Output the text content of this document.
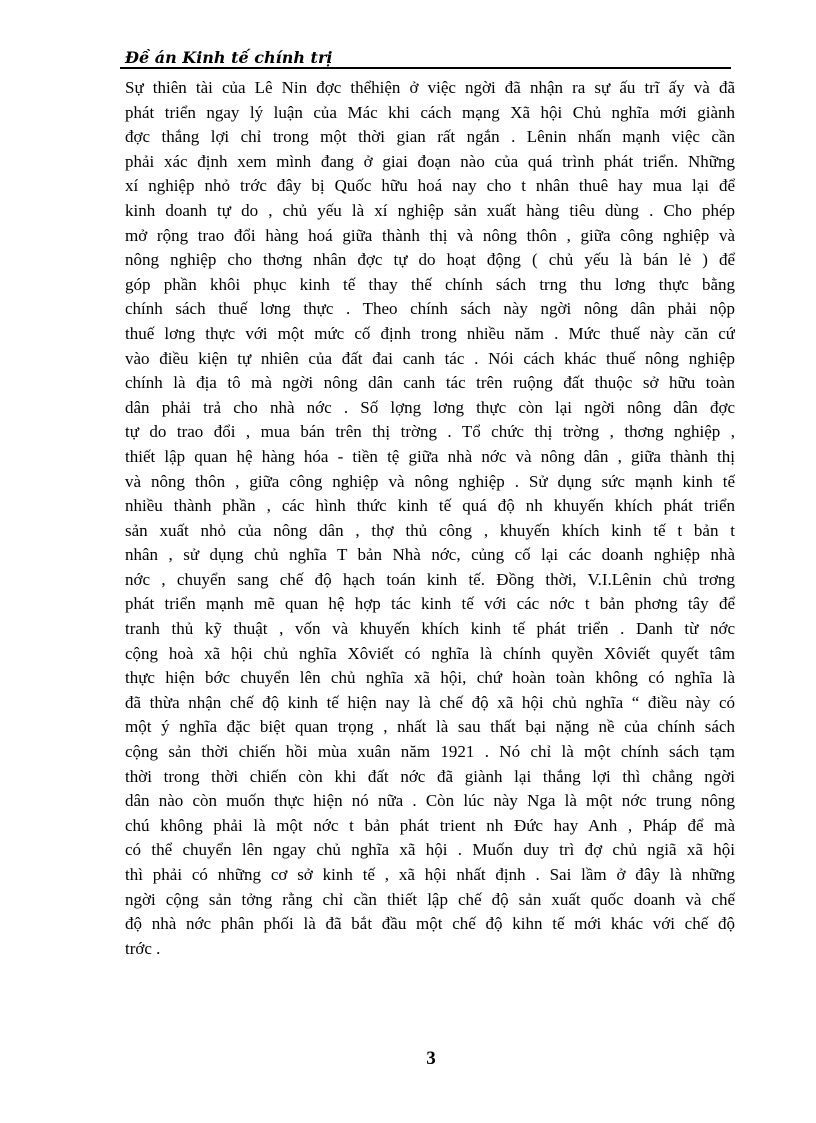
Đề án Kinh tế chính trị
Sự thiên tài của Lê Nin đợc thểhiện ở việc ngời đã nhận ra sự ấu trĩ ấy và đã
phát triển ngay lý luận của Mác khi cách mạng Xã hội Chủ nghĩa mới giành
đợc thắng lợi chỉ trong một thời gian rất ngắn . Lênin nhấn mạnh việc cần
phải xác định xem mình đang ở giai đoạn nào của quá trình phát triển. Những
xí nghiệp nhỏ trớc đây bị Quốc hữu hoá nay cho t nhân thuê hay mua lại để
kinh doanh tự do , chủ yếu là xí nghiệp sản xuất hàng tiêu dùng . Cho phép
mở rộng trao đổi hàng hoá giữa thành thị và nông thôn , giữa công nghiệp và
nông nghiệp cho thơng nhân đợc tự do hoạt động ( chủ yếu là bán lẻ ) để
góp phần khôi phục kinh tế thay thế chính sách trng thu lơng thực bằng
chính sách thuế lơng thực . Theo chính sách này ngời nông dân phải nộp
thuế lơng thực với một mức cố định trong nhiều năm . Mức thuế này căn cứ
vào điều kiện tự nhiên của đất đai canh tác . Nói cách khác thuế nông nghiệp
chính là địa tô mà ngời nông dân canh tác trên ruộng đất thuộc sở hữu toàn
dân phải trả cho nhà nớc . Số lợng lơng thực còn lại ngời nông dân đợc
tự do trao đổi , mua bán trên thị trờng . Tổ chức thị trờng , thơng nghiệp ,
thiết lập quan hệ hàng hóa - tiền tệ giữa nhà nớc và nông dân , giữa thành thị
và nông thôn , giữa công nghiệp và nông nghiệp . Sử dụng sức mạnh kinh tế
nhiều thành phần , các hình thức kinh tế quá độ nh khuyến khích phát triển
sản xuất nhỏ của nông dân , thợ thủ công , khuyến khích kinh tế t bản t
nhân , sử dụng chủ nghĩa T bản Nhà nớc, củng cố lại các doanh nghiệp nhà
nớc , chuyển sang chế độ hạch toán kinh tế. Đồng thời, V.I.Lênin chủ trơng
phát triển mạnh mẽ quan hệ hợp tác kinh tế với các nớc t bản phơng tây để
tranh thủ kỹ thuật , vốn và khuyến khích kinh tế phát triển . Danh từ nớc
cộng hoà xã hội chủ nghĩa Xôviết có nghĩa là chính quyền Xôviết quyết tâm
thực hiện bớc chuyển lên chủ nghĩa xã hội, chứ hoàn toàn không có nghĩa là
đã thừa nhận chế độ kinh tế hiện nay là chế độ xã hội chủ nghĩa “ điều này có
một ý nghĩa đặc biệt quan trọng , nhất là sau thất bại nặng nề của chính sách
cộng sản thời chiến hồi mùa xuân năm 1921 . Nó chỉ là một chính sách tạm
thời trong thời chiến còn khi đất nớc đã giành lại thắng lợi thì chẳng ngời
dân nào còn muốn thực hiện nó nữa . Còn lúc này Nga là một nớc trung nông
chú không phải là một nớc t bản phát trient nh Đức hay Anh , Pháp để mà
có thể chuyển lên ngay chủ nghĩa xã hội . Muốn duy trì đợ chủ ngiã xã hội
thì phải có những cơ sở kinh tế , xã hội nhất định . Sai lầm ở đây là những
ngời cộng sản tởng rằng chỉ cần thiết lập chế độ sản xuất quốc doanh và chế
độ nhà nớc phân phối là đã bắt đầu một chế độ kihn tế mới khác với chế độ
trớc .
3
